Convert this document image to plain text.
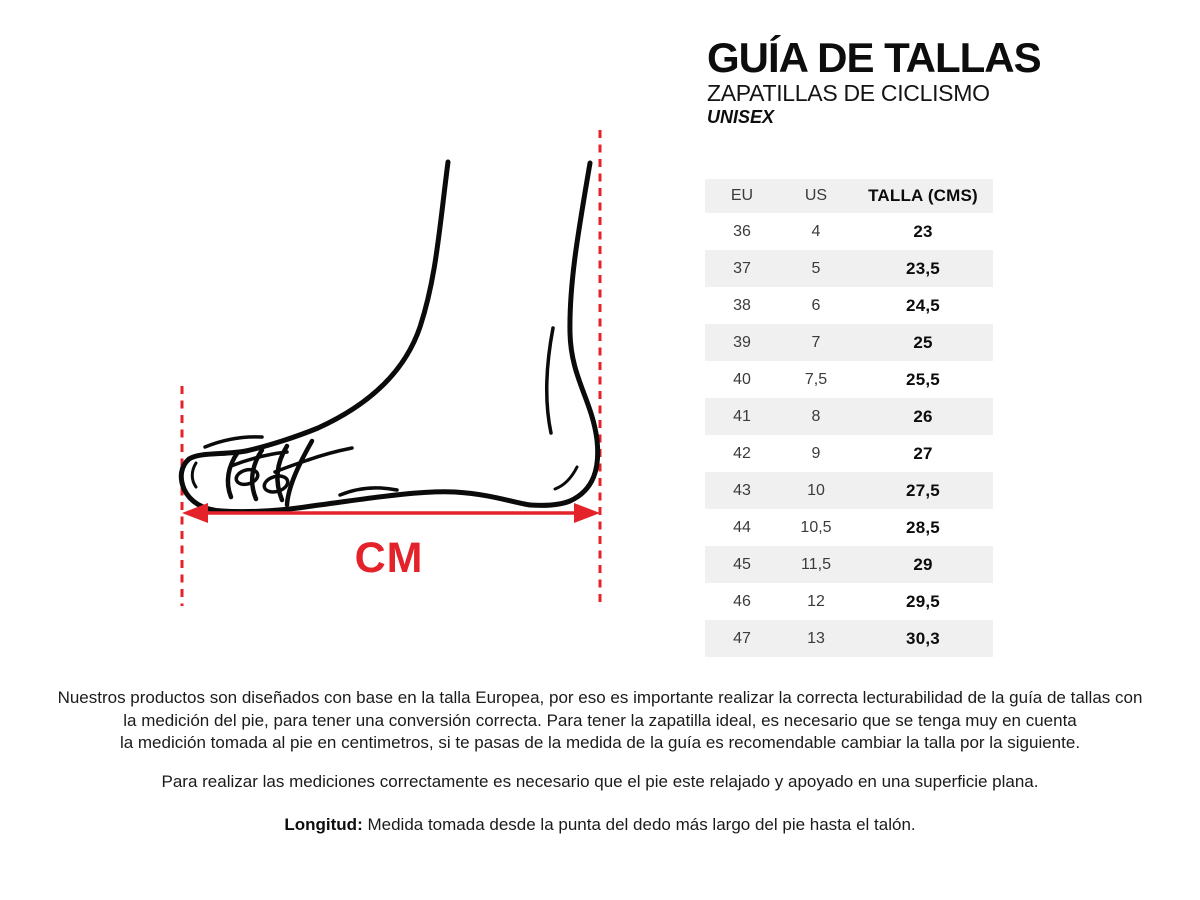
GUÍA DE TALLAS
ZAPATILLAS DE CICLISMO
UNISEX
CM
EU	US	TALLA (CMS)
36	4	23
37	5	23,5
38	6	24,5
39	7	25
40	7,5	25,5
41	8	26
42	9	27
43	10	27,5
44	10,5	28,5
45	11,5	29
46	12	29,5
47	13	30,3
Nuestros productos son diseñados con base en la talla Europea, por eso es importante realizar la correcta lecturabilidad de la guía de tallas con
la medición del pie, para tener una conversión correcta. Para tener la zapatilla ideal, es necesario que se tenga muy en cuenta
la medición tomada al pie en centimetros, si te pasas de la medida de la guía es recomendable cambiar la talla por la siguiente.
Para realizar las mediciones correctamente es necesario que el pie este relajado y apoyado en una superficie plana.
Longitud: Medida tomada desde la punta del dedo más largo del pie hasta el talón.
